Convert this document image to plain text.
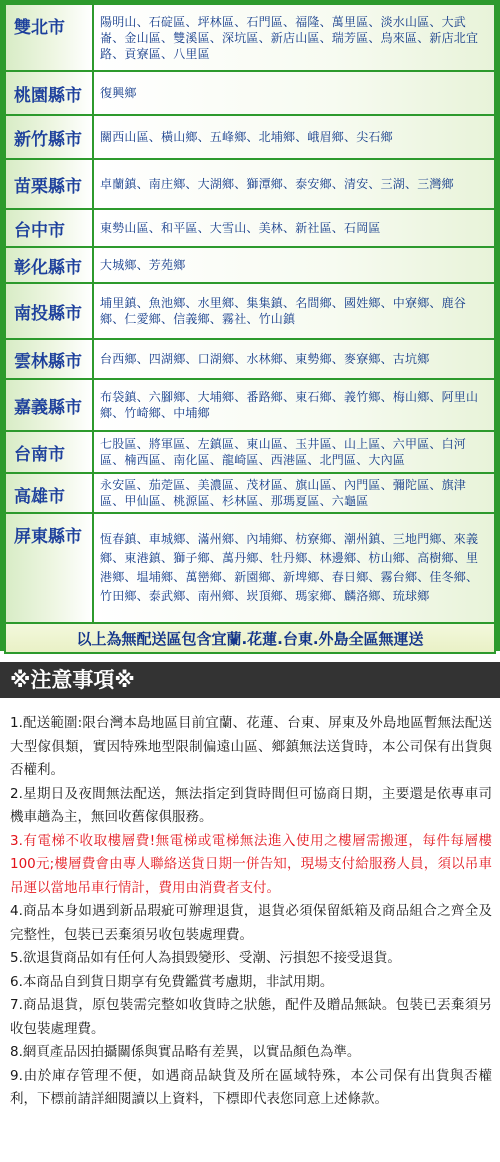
雙北市	陽明山、石碇區、坪林區、石門區、福隆、萬里區、淡水山區、大武崙、金山區、雙溪區、深坑區、新店山區、瑞芳區、烏來區、新店北宜路、貢寮區、八里區
桃園縣市	復興鄉
新竹縣市	關西山區、橫山鄉、五峰鄉、北埔鄉、峨眉鄉、尖石鄉
苗栗縣市	卓蘭鎮、南庄鄉、大湖鄉、獅潭鄉、泰安鄉、清安、三湖、三灣鄉
台中市	東勢山區、和平區、大雪山、美林、新社區、石岡區
彰化縣市	大城鄉、芳苑鄉
南投縣市	埔里鎮、魚池鄉、水里鄉、集集鎮、名間鄉、國姓鄉、中寮鄉、鹿谷鄉、仁愛鄉、信義鄉、霧社、竹山鎮
雲林縣市	台西鄉、四湖鄉、口湖鄉、水林鄉、東勢鄉、麥寮鄉、古坑鄉
嘉義縣市	布袋鎮、六腳鄉、大埔鄉、番路鄉、東石鄉、義竹鄉、梅山鄉、阿里山鄉、竹崎鄉、中埔鄉
台南市	七股區、將軍區、左鎮區、東山區、玉井區、山上區、六甲區、白河區、楠西區、南化區、龍崎區、西港區、北門區、大內區
高雄市	永安區、茄萣區、美濃區、茂材區、旗山區、內門區、彌陀區、旗津區、甲仙區、桃源區、杉林區、那瑪夏區、六龜區
屏東縣市	恆春鎮、車城鄉、滿州鄉、內埔鄉、枋寮鄉、潮州鎮、三地門鄉、來義鄉、東港鎮、獅子鄉、萬丹鄉、牡丹鄉、林邊鄉、枋山鄉、高樹鄉、里港鄉、塭埔鄉、萬巒鄉、新園鄉、新埤鄉、春日鄉、霧台鄉、佳冬鄉、竹田鄉、泰武鄉、南州鄉、崁頂鄉、瑪家鄉、麟洛鄉、琉球鄉
以上為無配送區包含宜蘭.花蓮.台東.外島全區無運送
※注意事項※
1.配送範圍:限台灣本島地區目前宜蘭、花蓮、台東、屏東及外島地區暫無法配送大型傢俱類，實因特殊地型限制偏遠山區、鄉鎮無法送貨時，本公司保有出貨與否權利。
2.星期日及夜間無法配送，無法指定到貨時間但可協商日期，主要還是依專車司機車趟為主，無回收舊傢俱服務。
3.有電梯不收取樓層費!無電梯或電梯無法進入使用之樓層需搬運，每件每層樓100元;樓層費會由專人聯絡送貨日期一併告知，現場支付給服務人員，須以吊車吊運以當地吊車行情計，費用由消費者支付。
4.商品本身如遇到新品瑕疵可辦理退貨，退貨必須保留紙箱及商品組合之齊全及完整性，包裝已丟棄須另收包裝處理費。
5.欲退貨商品如有任何人為損毀變形、受潮、污損恕不接受退貨。
6.本商品自到貨日期享有免費鑑賞考慮期，非試用期。
7.商品退貨，原包裝需完整如收貨時之狀態，配件及贈品無缺。包裝已丟棄須另收包裝處理費。
8.網頁產品因拍攝關係與實品略有差異，以實品顏色為準。
9.由於庫存管理不便，如遇商品缺貨及所在區域特殊，本公司保有出貨與否權利，下標前請詳細閱讀以上資料，下標即代表您同意上述條款。
